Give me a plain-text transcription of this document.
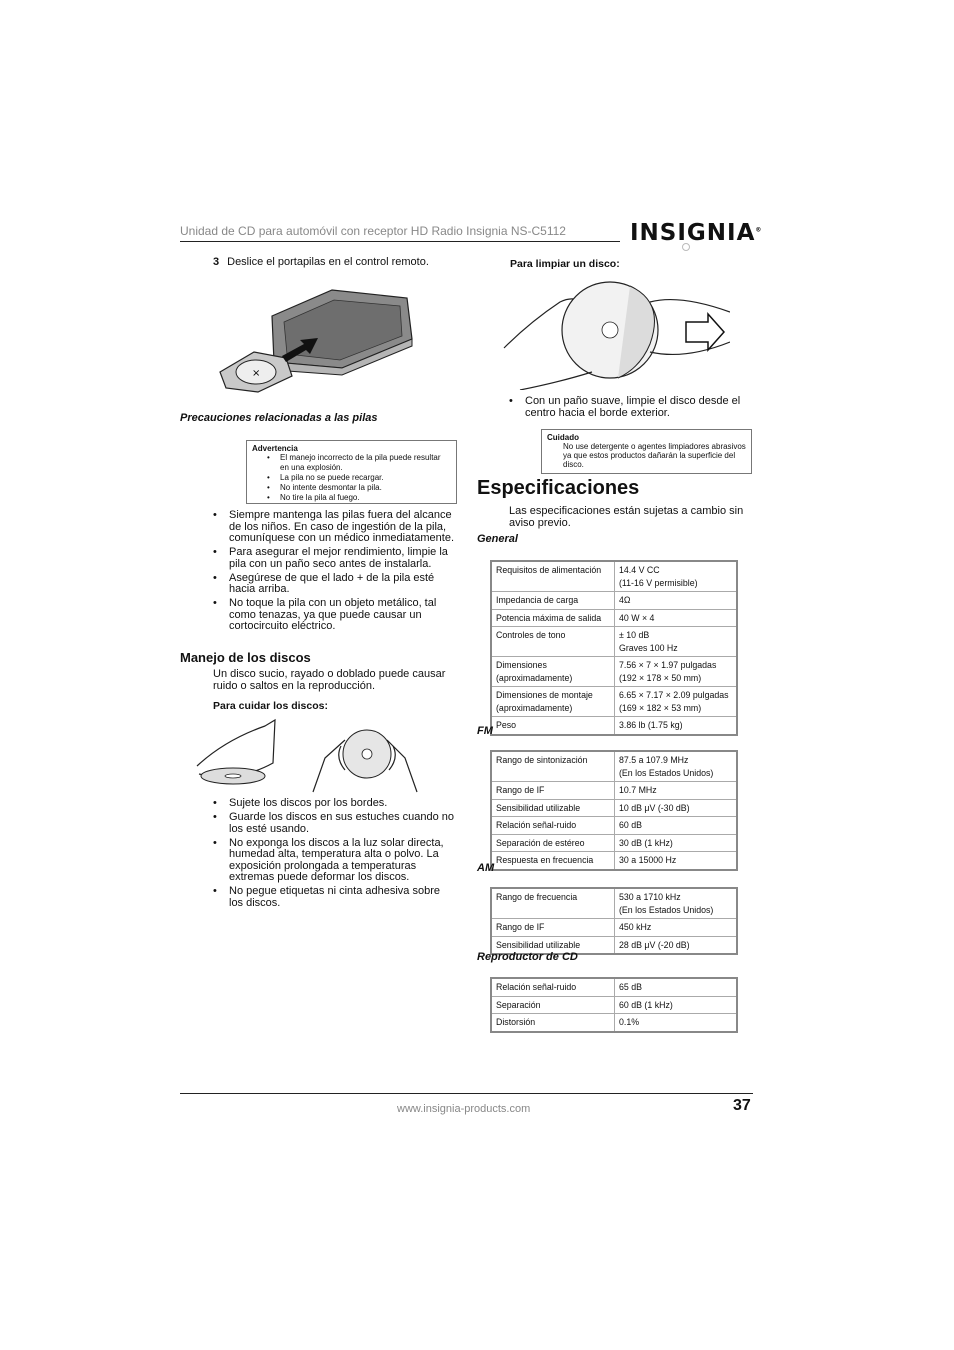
Unidad de CD para automóvil con receptor HD Radio Insignia NS-C5112	INSIGNIA®
3 Deslice el portapilas en el control remoto.
×
Precauciones relacionadas a las pilas
Advertencia
• El manejo incorrecto de la pila puede resultar en una explosión.
• La pila no se puede recargar.
• No intente desmontar la pila.
• No tire la pila al fuego.
• Siempre mantenga las pilas fuera del alcance de los niños. En caso de ingestión de la pila, comuníquese con un médico inmediatamente.
• Para asegurar el mejor rendimiento, limpie la pila con un paño seco antes de instalarla.
• Asegúrese de que el lado + de la pila esté hacia arriba.
• No toque la pila con un objeto metálico, tal como tenazas, ya que puede causar un cortocircuito eléctrico.
Manejo de los discos
Un disco sucio, rayado o doblado puede causar ruido o saltos en la reproducción.
Para cuidar los discos:
• Sujete los discos por los bordes.
• Guarde los discos en sus estuches cuando no los esté usando.
• No exponga los discos a la luz solar directa, humedad alta, temperatura alta o polvo. La exposición prolongada a temperaturas extremas puede deformar los discos.
• No pegue etiquetas ni cinta adhesiva sobre los discos.
Para limpiar un disco:
• Con un paño suave, limpie el disco desde el centro hacia el borde exterior.
Cuidado

No use detergente o agentes limpiadores abrasivos ya que estos productos dañarán la superficie del disco.

Especificaciones
Las especificaciones están sujetas a cambio sin aviso previo.
General
Requisitos de alimentación	14.4 V CC
(11-16 V permisible)
Impedancia de carga	4Ω
Potencia máxima de salida	40 W × 4
Controles de tono	± 10 dB
Graves 100 Hz
Dimensiones
(aproximadamente)	7.56 × 7 × 1.97 pulgadas
(192 × 178 × 50 mm)
Dimensiones de montaje
(aproximadamente)	6.65 × 7.17 × 2.09 pulgadas
(169 × 182 × 53 mm)
Peso	3.86 lb (1.75 kg)
FM
Rango de sintonización	87.5 a 107.9 MHz
(En los Estados Unidos)
Rango de IF	10.7 MHz
Sensibilidad utilizable	10 dB μV (-30 dB)
Relación señal-ruido	60 dB
Separación de estéreo	30 dB (1 kHz)
Respuesta en frecuencia	30 a 15000 Hz
AM
Rango de frecuencia	530 a 1710 kHz
(En los Estados Unidos)
Rango de IF	450 kHz
Sensibilidad utilizable	28 dB μV (-20 dB)
Reproductor de CD
Relación señal-ruido	65 dB
Separación	60 dB (1 kHz)
Distorsión	0.1%
www.insignia-products.com	37
